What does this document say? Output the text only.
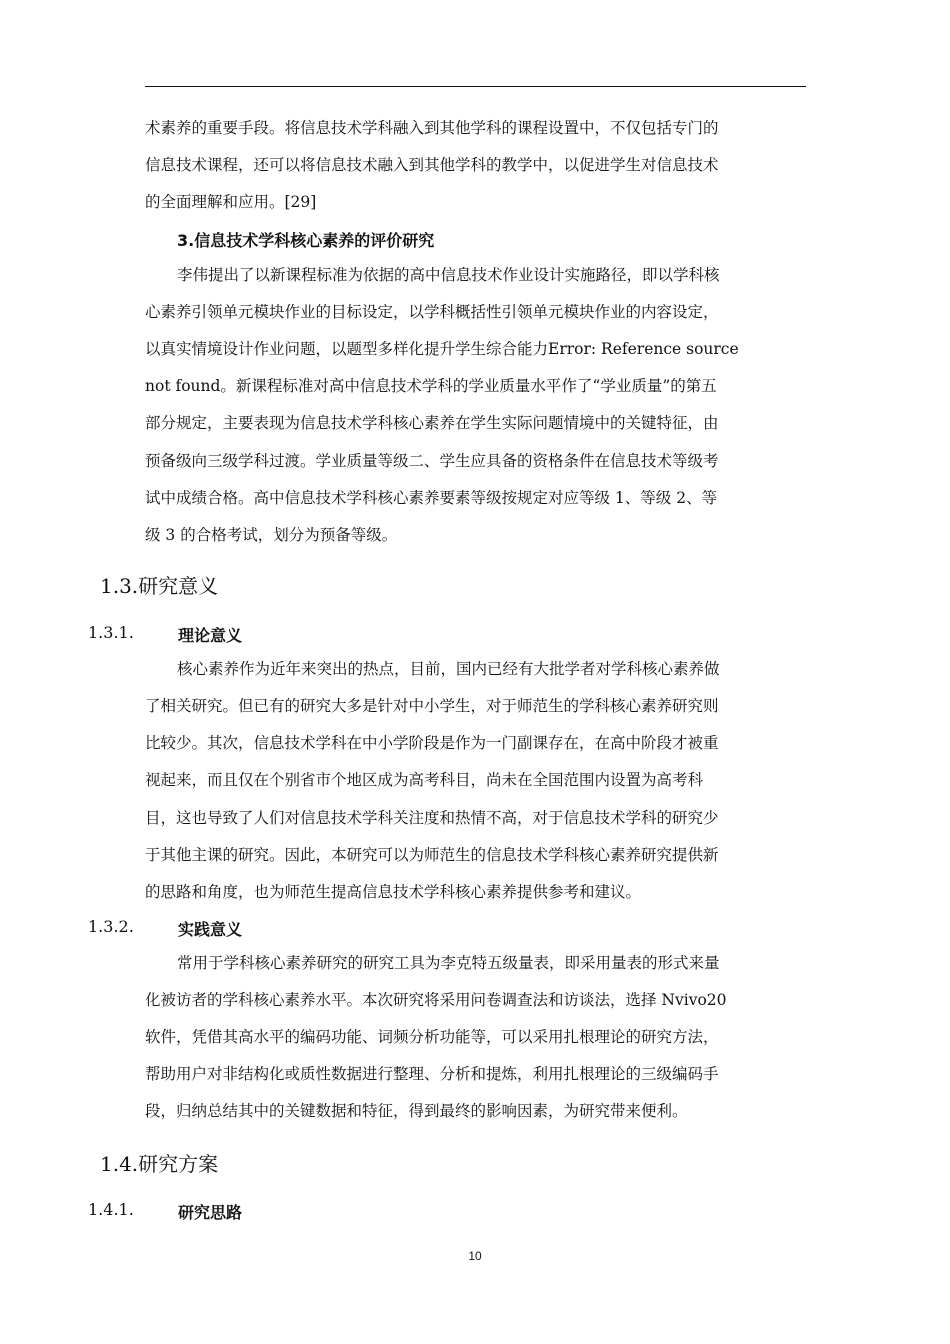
术素养的重要手段。将信息技术学科融入到其他学科的课程设置中，不仅包括专门的
信息技术课程，还可以将信息技术融入到其他学科的教学中，以促进学生对信息技术
的全面理解和应用。[29]
3.信息技术学科核心素养的评价研究
李伟提出了以新课程标准为依据的高中信息技术作业设计实施路径，即以学科核
心素养引领单元模块作业的目标设定，以学科概括性引领单元模块作业的内容设定，
以真实情境设计作业问题，以题型多样化提升学生综合能力Error: Reference source
not found。新课程标准对高中信息技术学科的学业质量水平作了“学业质量”的第五
部分规定，主要表现为信息技术学科核心素养在学生实际问题情境中的关键特征，由
预备级向三级学科过渡。学业质量等级二、学生应具备的资格条件在信息技术等级考
试中成绩合格。高中信息技术学科核心素养要素等级按规定对应等级 1、等级 2、等
级 3 的合格考试，划分为预备等级。
1.3.研究意义
1.3.1.	理论意义
核心素养作为近年来突出的热点，目前，国内已经有大批学者对学科核心素养做
了相关研究。但已有的研究大多是针对中小学生，对于师范生的学科核心素养研究则
比较少。其次，信息技术学科在中小学阶段是作为一门副课存在，在高中阶段才被重
视起来，而且仅在个别省市个地区成为高考科目，尚未在全国范围内设置为高考科
目，这也导致了人们对信息技术学科关注度和热情不高，对于信息技术学科的研究少
于其他主课的研究。因此，本研究可以为师范生的信息技术学科核心素养研究提供新
的思路和角度，也为师范生提高信息技术学科核心素养提供参考和建议。
1.3.2.	实践意义
常用于学科核心素养研究的研究工具为李克特五级量表，即采用量表的形式来量
化被访者的学科核心素养水平。本次研究将采用问卷调查法和访谈法，选择 Nvivo20
软件，凭借其高水平的编码功能、词频分析功能等，可以采用扎根理论的研究方法，
帮助用户对非结构化或质性数据进行整理、分析和提炼，利用扎根理论的三级编码手
段，归纳总结其中的关键数据和特征，得到最终的影响因素，为研究带来便利。
1.4.研究方案
1.4.1.	研究思路
10
